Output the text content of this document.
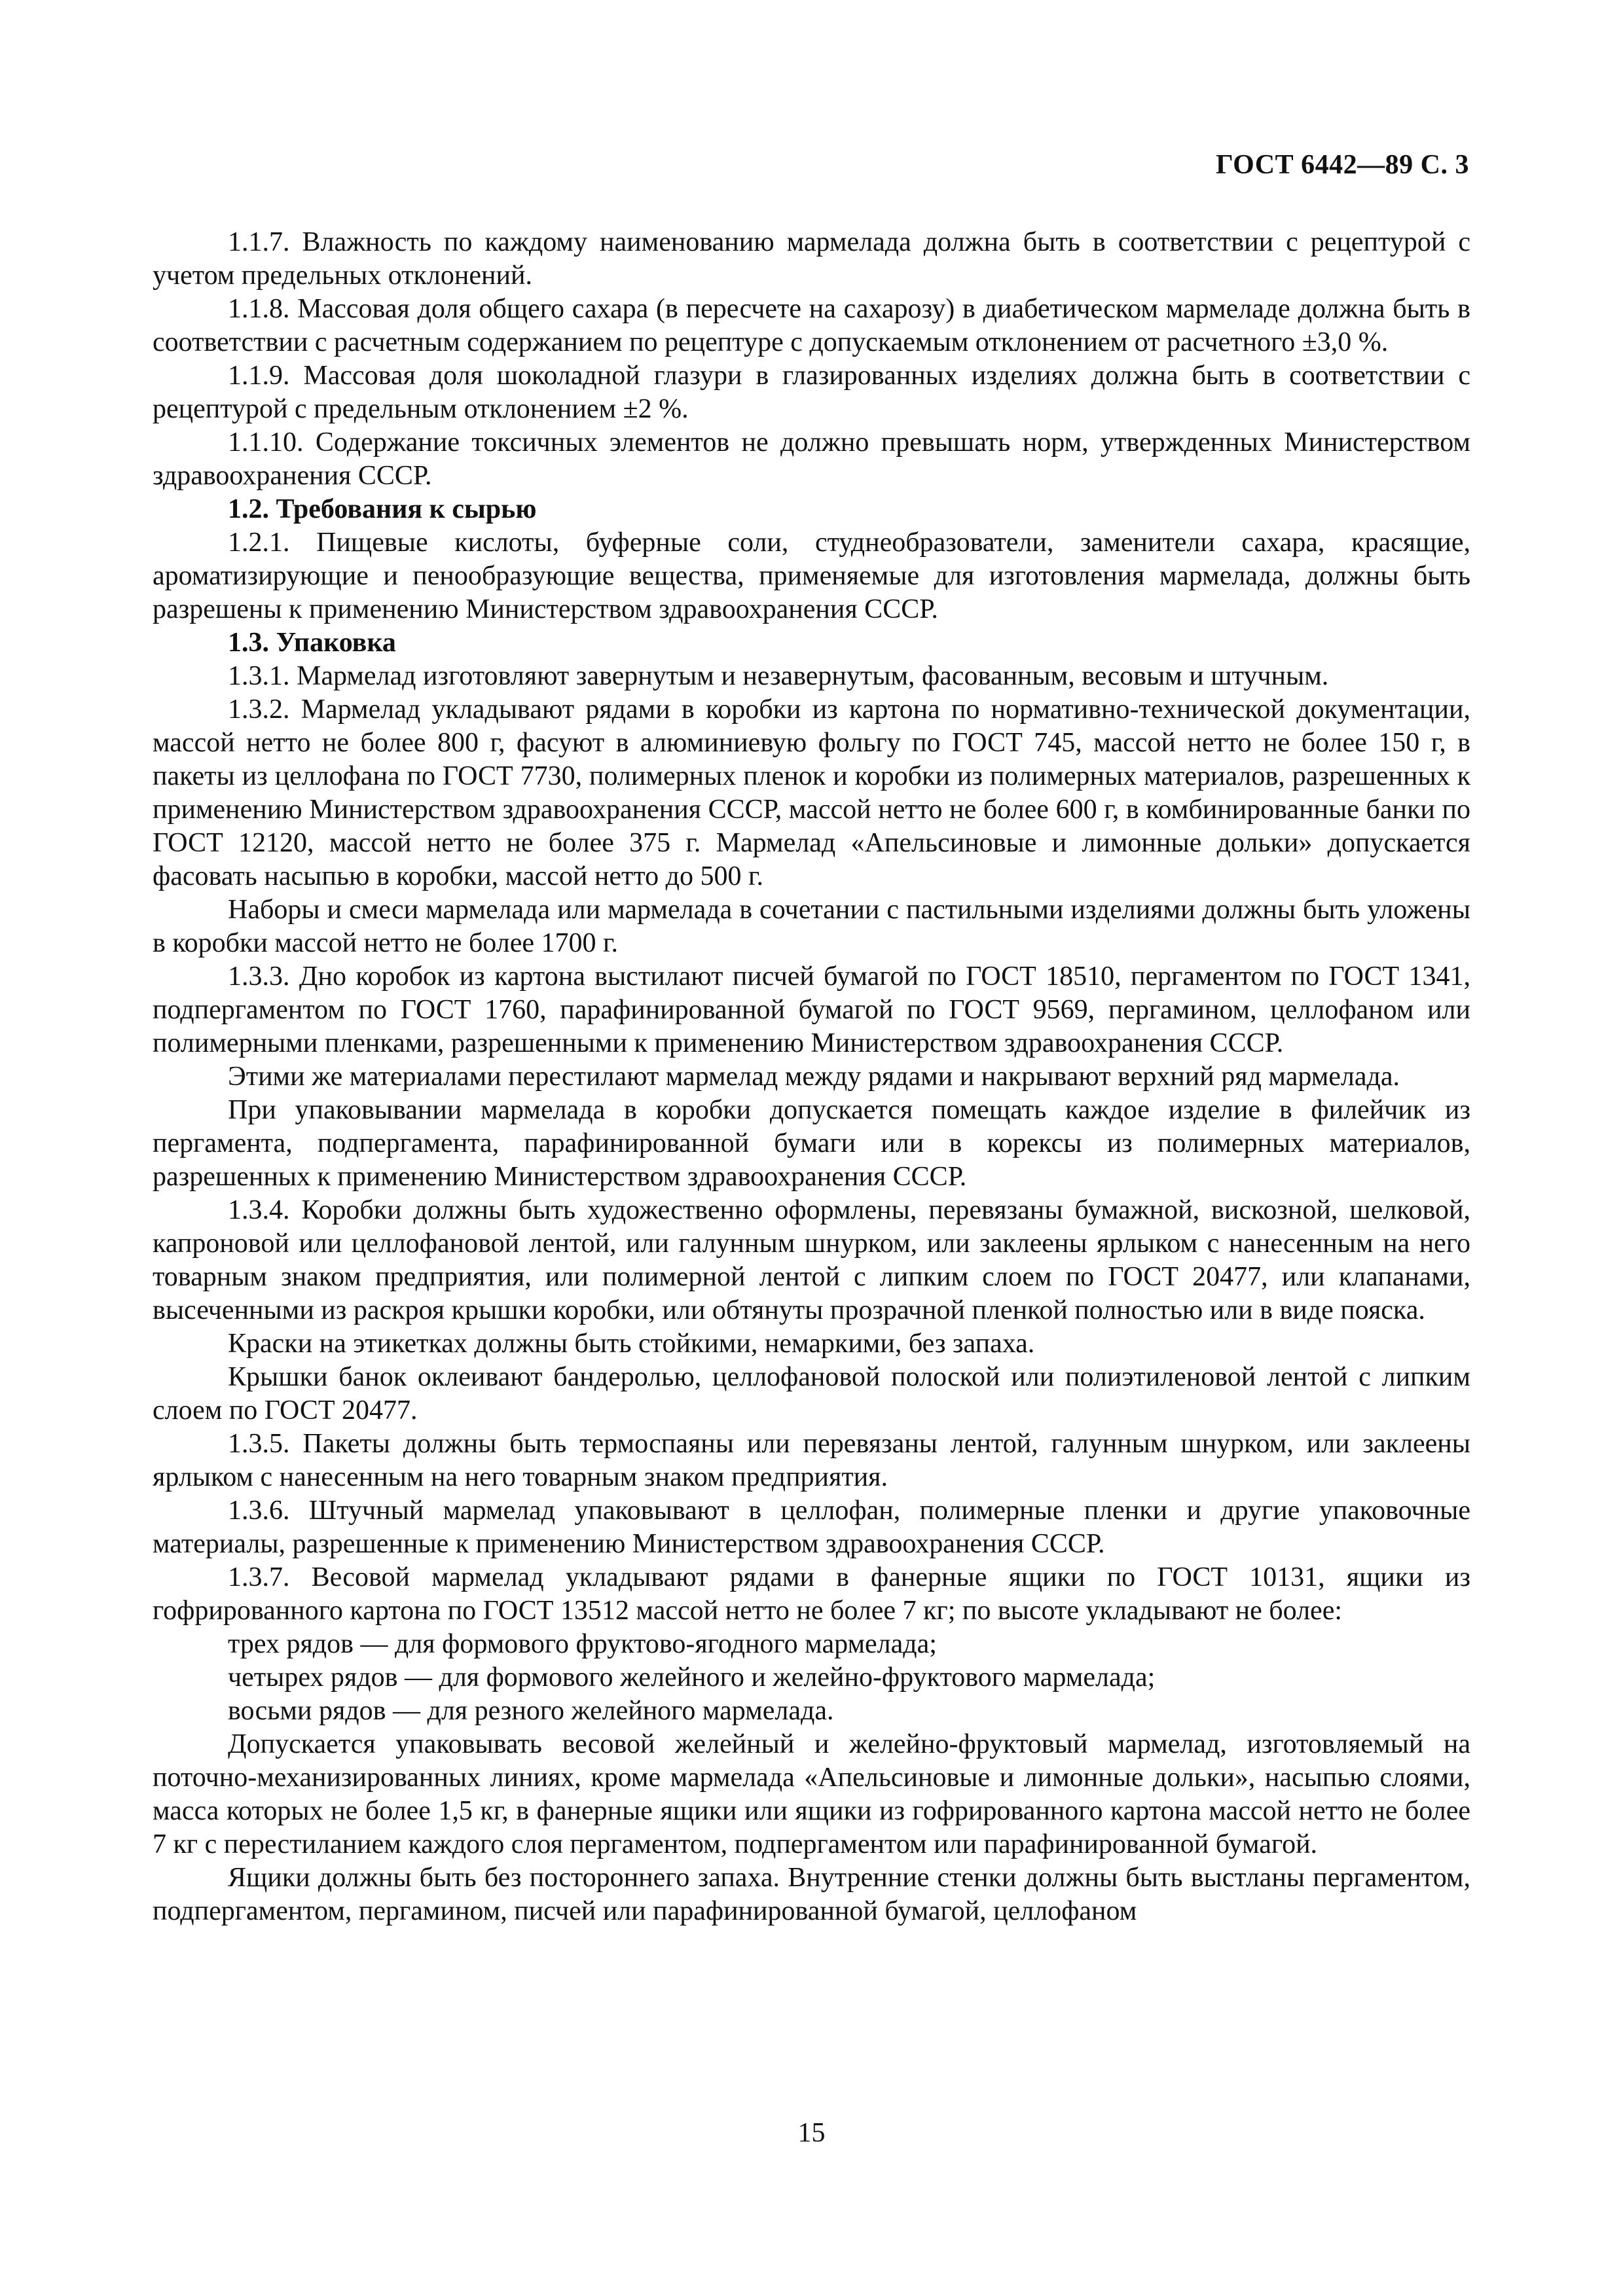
ГОСТ 6442—89 С. 3

1.1.7. Влажность по каждому наименованию мармелада должна быть в соответствии с рецептурой с учетом предельных отклонений.

1.1.8. Массовая доля общего сахара (в пересчете на сахарозу) в диабетическом мармеладе должна быть в соответствии с расчетным содержанием по рецептуре с допускаемым отклонением от расчетного ±3,0 %.

1.1.9. Массовая доля шоколадной глазури в глазированных изделиях должна быть в соответствии с рецептурой с предельным отклонением ±2 %.

1.1.10. Содержание токсичных элементов не должно превышать норм, утвержденных Министерством здравоохранения СССР.

1.2. Требования к сырью

1.2.1. Пищевые кислоты, буферные соли, студнеобразователи, заменители сахара, красящие, ароматизирующие и пенообразующие вещества, применяемые для изготовления мармелада, должны быть разрешены к применению Министерством здравоохранения СССР.

1.3. Упаковка

1.3.1. Мармелад изготовляют завернутым и незавернутым, фасованным, весовым и штучным.

1.3.2. Мармелад укладывают рядами в коробки из картона по нормативно-технической документации, массой нетто не более 800 г, фасуют в алюминиевую фольгу по ГОСТ 745, массой нетто не более 150 г, в пакеты из целлофана по ГОСТ 7730, полимерных пленок и коробки из полимерных материалов, разрешенных к применению Министерством здравоохранения СССР, массой нетто не более 600 г, в комбинированные банки по ГОСТ 12120, массой нетто не более 375 г. Мармелад «Апельсиновые и лимонные дольки» допускается фасовать насыпью в коробки, массой нетто до 500 г.

Наборы и смеси мармелада или мармелада в сочетании с пастильными изделиями должны быть уложены в коробки массой нетто не более 1700 г.

1.3.3. Дно коробок из картона выстилают писчей бумагой по ГОСТ 18510, пергаментом по ГОСТ 1341, подпергаментом по ГОСТ 1760, парафинированной бумагой по ГОСТ 9569, пергамином, целлофаном или полимерными пленками, разрешенными к применению Министерством здравоохранения СССР.

Этими же материалами перестилают мармелад между рядами и накрывают верхний ряд мармелада.

При упаковывании мармелада в коробки допускается помещать каждое изделие в филейчик из пергамента, подпергамента, парафинированной бумаги или в корексы из полимерных материалов, разрешенных к применению Министерством здравоохранения СССР.

1.3.4. Коробки должны быть художественно оформлены, перевязаны бумажной, вискозной, шелковой, капроновой или целлофановой лентой, или галунным шнурком, или заклеены ярлыком с нанесенным на него товарным знаком предприятия, или полимерной лентой с липким слоем по ГОСТ 20477, или клапанами, высеченными из раскроя крышки коробки, или обтянуты прозрачной пленкой полностью или в виде пояска.

Краски на этикетках должны быть стойкими, немаркими, без запаха.

Крышки банок оклеивают бандеролью, целлофановой полоской или полиэтиленовой лентой с липким слоем по ГОСТ 20477.

1.3.5. Пакеты должны быть термоспаяны или перевязаны лентой, галунным шнурком, или заклеены ярлыком с нанесенным на него товарным знаком предприятия.

1.3.6. Штучный мармелад упаковывают в целлофан, полимерные пленки и другие упаковочные материалы, разрешенные к применению Министерством здравоохранения СССР.

1.3.7. Весовой мармелад укладывают рядами в фанерные ящики по ГОСТ 10131, ящики из гофрированного картона по ГОСТ 13512 массой нетто не более 7 кг; по высоте укладывают не более:

трех рядов — для формового фруктово-ягодного мармелада;

четырех рядов — для формового желейного и желейно-фруктового мармелада;

восьми рядов — для резного желейного мармелада.

Допускается упаковывать весовой желейный и желейно-фруктовый мармелад, изготовляемый на поточно-механизированных линиях, кроме мармелада «Апельсиновые и лимонные дольки», насыпью слоями, масса которых не более 1,5 кг, в фанерные ящики или ящики из гофрированного картона массой нетто не более 7 кг с перестиланием каждого слоя пергаментом, подпергаментом или парафинированной бумагой.

Ящики должны быть без постороннего запаха. Внутренние стенки должны быть выстланы пергаментом, подпергаментом, пергамином, писчей или парафинированной бумагой, целлофаном

15
